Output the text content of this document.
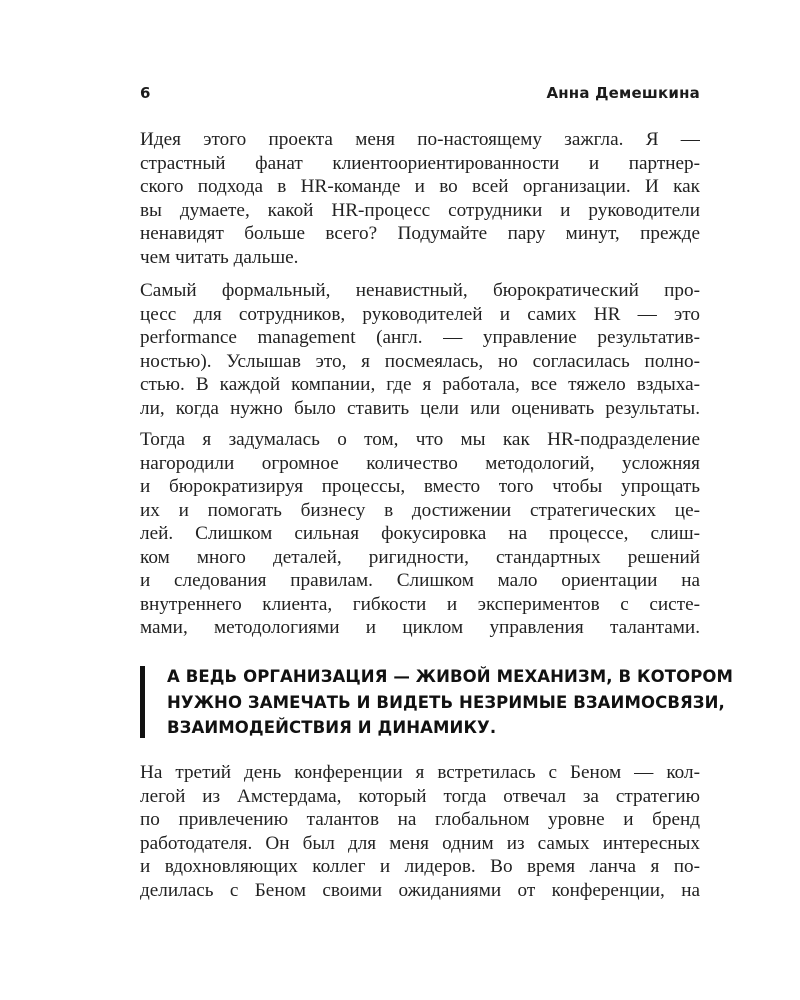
6	Анна Демешкина
Идея этого проекта меня по-настоящему зажгла. Я —
страстный фанат клиентоориентированности и партнер-
ского подхода в HR-команде и во всей организации. И как
вы думаете, какой HR-процесс сотрудники и руководители
ненавидят больше всего? Подумайте пару минут, прежде
чем читать дальше.
Самый формальный, ненавистный, бюрократический про-
цесс для сотрудников, руководителей и самих HR — это
performance management (англ. — управление результатив-
ностью). Услышав это, я посмеялась, но согласилась полно-
стью. В каждой компании, где я работала, все тяжело вздыха-
ли, когда нужно было ставить цели или оценивать результаты.
Тогда я задумалась о том, что мы как HR-подразделение
нагородили огромное количество методологий, усложняя
и бюрократизируя процессы, вместо того чтобы упрощать
их и помогать бизнесу в достижении стратегических це-
лей. Слишком сильная фокусировка на процессе, слиш-
ком много деталей, ригидности, стандартных решений
и следования правилам. Слишком мало ориентации на
внутреннего клиента, гибкости и экспериментов с систе-
мами, методологиями и циклом управления талантами.
А ВЕДЬ ОРГАНИЗАЦИЯ — ЖИВОЙ МЕХАНИЗМ, В КОТОРОМ
НУЖНО ЗАМЕЧАТЬ И ВИДЕТЬ НЕЗРИМЫЕ ВЗАИМОСВЯЗИ,
ВЗАИМОДЕЙСТВИЯ И ДИНАМИКУ.
На третий день конференции я встретилась с Беном — кол-
легой из Амстердама, который тогда отвечал за стратегию
по привлечению талантов на глобальном уровне и бренд
работодателя. Он был для меня одним из самых интересных
и вдохновляющих коллег и лидеров. Во время ланча я по-
делилась с Беном своими ожиданиями от конференции, на
